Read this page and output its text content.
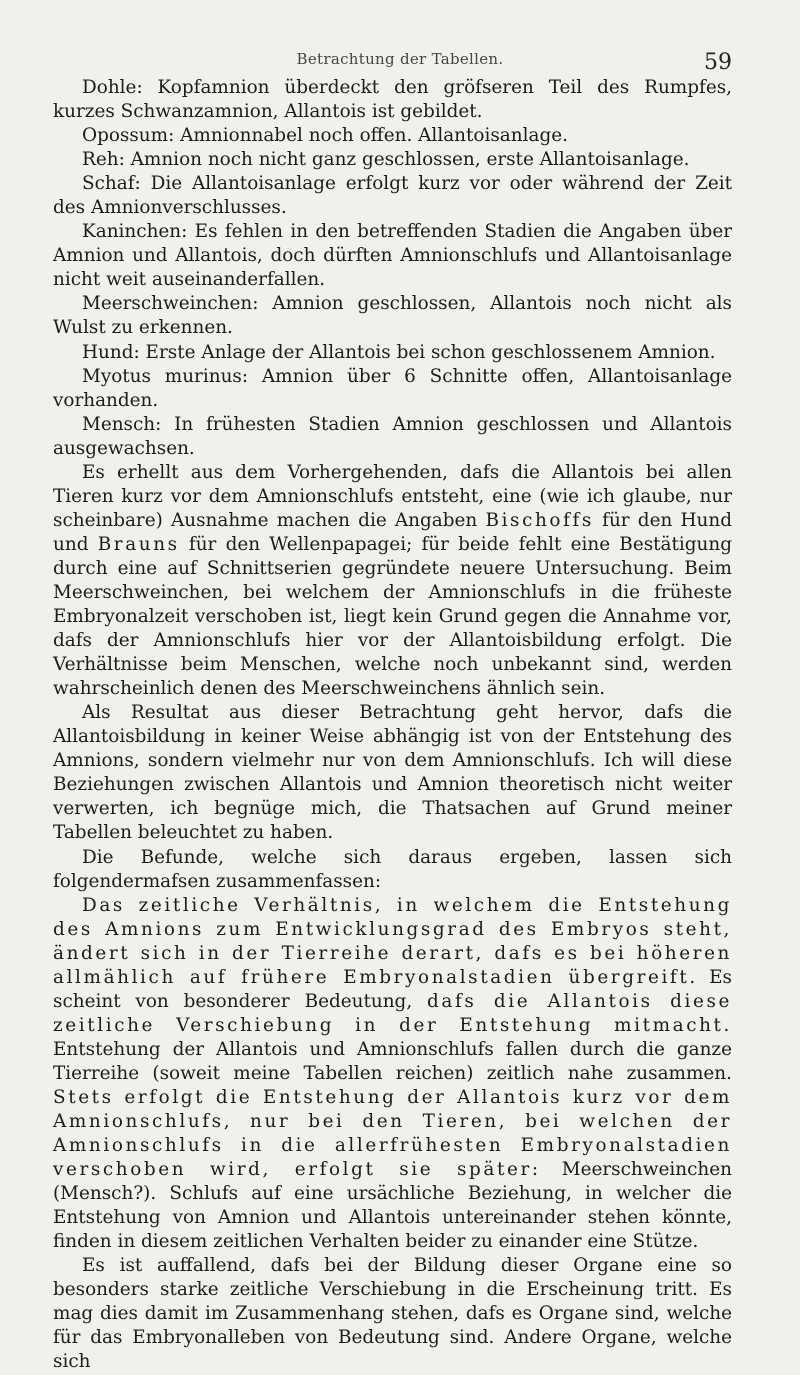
Betrachtung der Tabellen.	59

Dohle: Kopfamnion überdeckt den gröfseren Teil des Rumpfes, kurzes Schwanzamnion, Allantois ist gebildet.

Opossum: Amnionnabel noch offen. Allantoisanlage.

Reh: Amnion noch nicht ganz geschlossen, erste Allantoisanlage.

Schaf: Die Allantoisanlage erfolgt kurz vor oder während der Zeit des Amnionverschlusses.

Kaninchen: Es fehlen in den betreffenden Stadien die Angaben über Amnion und Allantois, doch dürften Amnionschlufs und Allantoisanlage nicht weit auseinanderfallen.

Meerschweinchen: Amnion geschlossen, Allantois noch nicht als Wulst zu erkennen.

Hund: Erste Anlage der Allantois bei schon geschlossenem Amnion.

Myotus murinus: Amnion über 6 Schnitte offen, Allantoisanlage vorhanden.

Mensch: In frühesten Stadien Amnion geschlossen und Allantois ausgewachsen.

Es erhellt aus dem Vorhergehenden, dafs die Allantois bei allen Tieren kurz vor dem Amnionschlufs entsteht, eine (wie ich glaube, nur scheinbare) Ausnahme machen die Angaben Bischoffs für den Hund und Brauns für den Wellenpapagei; für beide fehlt eine Bestätigung durch eine auf Schnittserien gegründete neuere Untersuchung. Beim Meerschweinchen, bei welchem der Amnionschlufs in die früheste Embryonalzeit verschoben ist, liegt kein Grund gegen die Annahme vor, dafs der Amnionschlufs hier vor der Allantoisbildung erfolgt. Die Verhältnisse beim Menschen, welche noch unbekannt sind, werden wahrscheinlich denen des Meerschweinchens ähnlich sein.

Als Resultat aus dieser Betrachtung geht hervor, dafs die Allantoisbildung in keiner Weise abhängig ist von der Entstehung des Amnions, sondern vielmehr nur von dem Amnionschlufs. Ich will diese Beziehungen zwischen Allantois und Amnion theoretisch nicht weiter verwerten, ich begnüge mich, die Thatsachen auf Grund meiner Tabellen beleuchtet zu haben.

Die Befunde, welche sich daraus ergeben, lassen sich folgendermafsen zusammenfassen:

Das zeitliche Verhältnis, in welchem die Entstehung des Amnions zum Entwicklungsgrad des Embryos steht, ändert sich in der Tierreihe derart, dafs es bei höheren allmählich auf frühere Embryonalstadien übergreift. Es scheint von besonderer Bedeutung, dafs die Allantois diese zeitliche Verschiebung in der Entstehung mitmacht. Entstehung der Allantois und Amnionschlufs fallen durch die ganze Tierreihe (soweit meine Tabellen reichen) zeitlich nahe zusammen. Stets erfolgt die Entstehung der Allantois kurz vor dem Amnionschlufs, nur bei den Tieren, bei welchen der Amnionschlufs in die allerfrühesten Embryonalstadien verschoben wird, erfolgt sie später: Meerschweinchen (Mensch?). Schlufs auf eine ursächliche Beziehung, in welcher die Entstehung von Amnion und Allantois untereinander stehen könnte, finden in diesem zeitlichen Verhalten beider zu einander eine Stütze.

Es ist auffallend, dafs bei der Bildung dieser Organe eine so besonders starke zeitliche Verschiebung in die Erscheinung tritt. Es mag dies damit im Zusammenhang stehen, dafs es Organe sind, welche für das Embryonalleben von Bedeutung sind. Andere Organe, welche sich
